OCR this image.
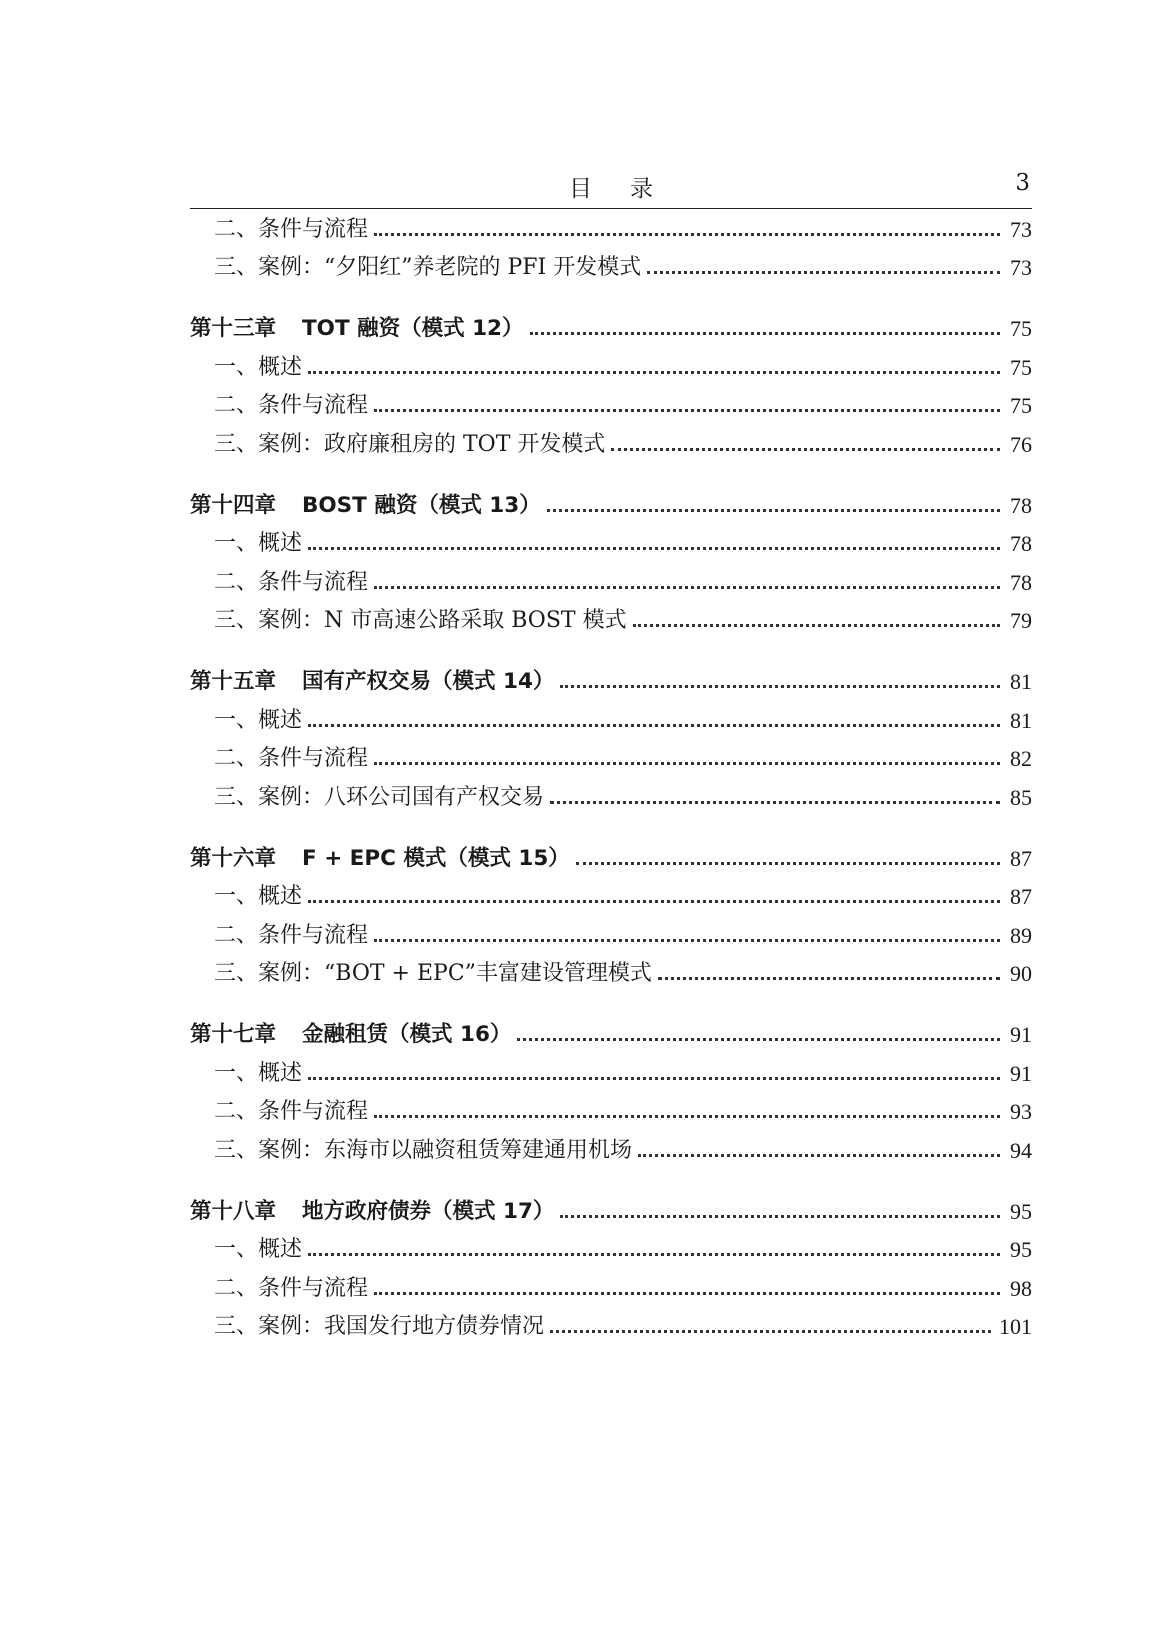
目录	3
二、条件与流程	73
三、案例：“夕阳红”养老院的 PFI 开发模式	73
第十三章 TOT 融资（模式 12）	75
一、概述	75
二、条件与流程	75
三、案例：政府廉租房的 TOT 开发模式	76
第十四章 BOST 融资（模式 13）	78
一、概述	78
二、条件与流程	78
三、案例：N 市高速公路采取 BOST 模式	79
第十五章 国有产权交易（模式 14）	81
一、概述	81
二、条件与流程	82
三、案例：八环公司国有产权交易	85
第十六章 F + EPC 模式（模式 15）	87
一、概述	87
二、条件与流程	89
三、案例：“BOT + EPC”丰富建设管理模式	90
第十七章 金融租赁（模式 16）	91
一、概述	91
二、条件与流程	93
三、案例：东海市以融资租赁筹建通用机场	94
第十八章 地方政府债券（模式 17）	95
一、概述	95
二、条件与流程	98
三、案例：我国发行地方债券情况	101
